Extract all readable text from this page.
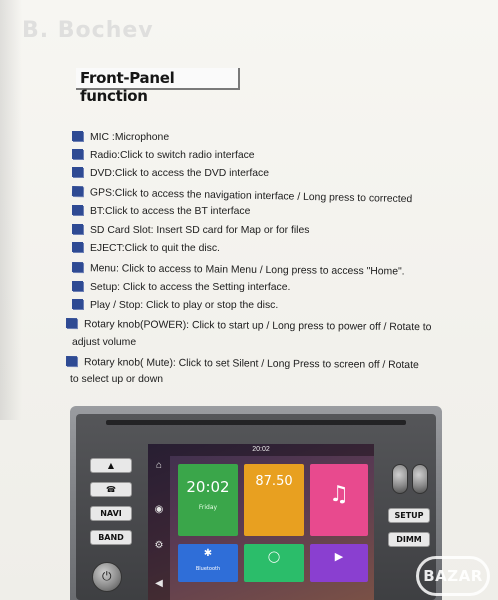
B. Bochev
Front-Panel function
MIC :Microphone
Radio:Click to switch radio interface
DVD:Click to access the DVD interface
GPS:Click to access the navigation interface / Long press to corrected
BT:Click to access the BT interface
SD Card Slot: Insert SD card for Map or for files
EJECT:Click to quit the disc.
Menu: Click to access to Main Menu / Long press to access "Home".
Setup: Click to access the Setting interface.
Play / Stop: Click to play or stop the disc.
Rotary knob(POWER): Click to start up / Long press to power off / Rotate to
adjust volume
Rotary knob( Mute): Click to set Silent / Long Press to screen off / Rotate
to select up or down
▲
☎
NAVI
BAND
⏻
20:02
⌂
◉
⚙
◀
20:02
Friday
87.50
♫
✱
Bluetooth
◯	▶
SETUP
DIMM
BAZAR
